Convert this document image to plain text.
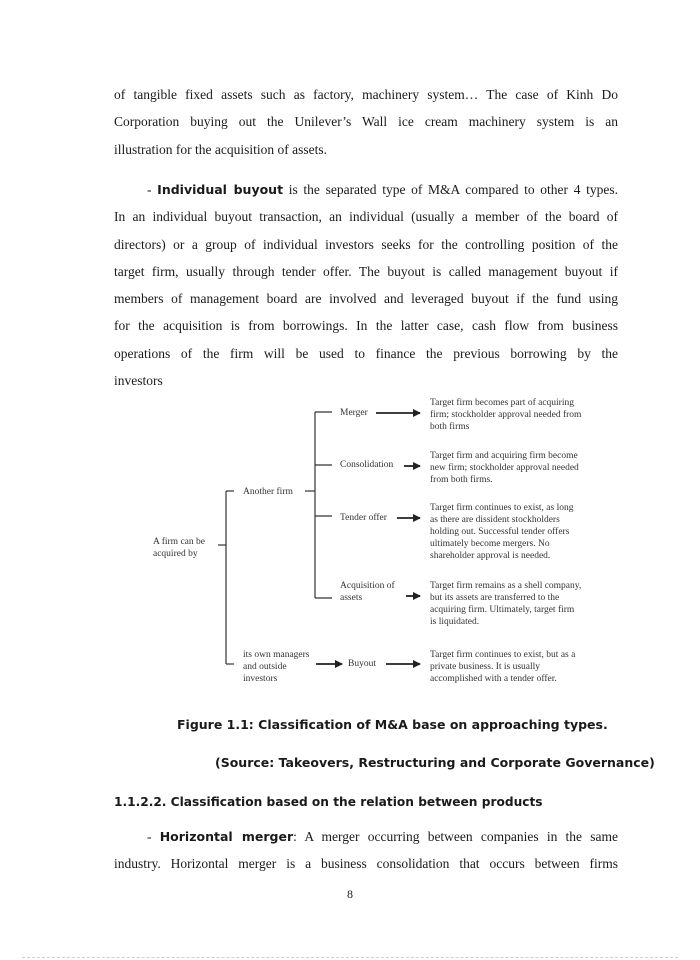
of tangible fixed assets such as factory, machinery system… The case of Kinh Do
Corporation buying out the Unilever’s Wall ice cream machinery system is an
illustration for the acquisition of assets.
- Individual buyout is the separated type of M&A compared to other 4 types.
In an individual buyout transaction, an individual (usually a member of the board of
directors) or a group of individual investors seeks for the controlling position of the
target firm, usually through tender offer. The buyout is called management buyout if
members of management board are involved and leveraged buyout if the fund using
for the acquisition is from borrowings. In the latter case, cash flow from business
operations of the firm will be used to finance the previous borrowing by the
investors
A firm can be
acquired by
Another firm
its own managers
and outside
investors
Merger
Consolidation
Tender offer
Acquisition of
assets
Buyout
Target firm becomes part of acquiring
firm; stockholder approval needed from
both firms
Target firm and acquiring firm become
new firm; stockholder approval needed
from both firms.
Target firm continues to exist, as long
as there are dissident stockholders
holding out. Successful tender offers
ultimately become mergers. No
shareholder approval is needed.
Target firm remains as a shell company,
but its assets are transferred to the
acquiring firm. Ultimately, target firm
is liquidated.
Target firm continues to exist, but as a
private business. It is usually
accomplished with a tender offer.
Figure 1.1: Classification of M&A base on approaching types.
(Source: Takeovers, Restructuring and Corporate Governance)
1.1.2.2. Classification based on the relation between products
- Horizontal merger: A merger occurring between companies in the same
industry. Horizontal merger is a business consolidation that occurs between firms
8
